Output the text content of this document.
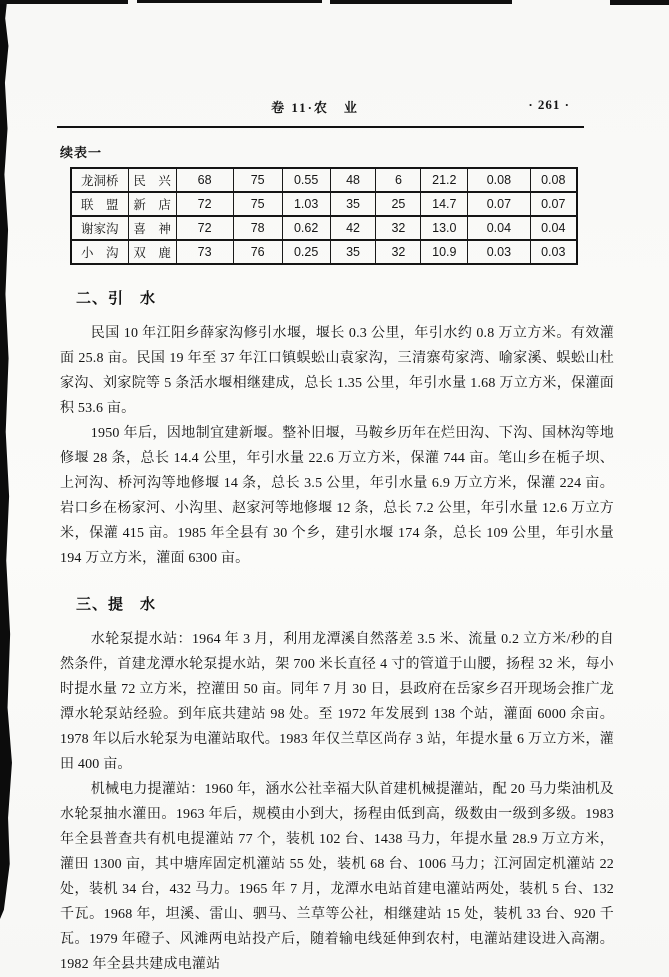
卷 11·农　业	· 261 ·
续表一
龙洞桥	民　兴	68	75	0.55	48	6	21.2	0.08	0.08
联　盟	新　店	72	75	1.03	35	25	14.7	0.07	0.07
谢家沟	喜　神	72	78	0.62	42	32	13.0	0.04	0.04
小　沟	双　鹿	73	76	0.25	35	32	10.9	0.03	0.03
二、引　水

民国 10 年江阳乡薛家沟修引水堰，堰长 0.3 公里，年引水约 0.8 万立方米。有效灌面 25.8 亩。民国 19 年至 37 年江口镇蜈蚣山袁家沟，三清寨苟家湾、喻家溪、蜈蚣山杜家沟、刘家院等 5 条活水堰相继建成，总长 1.35 公里，年引水量 1.68 万立方米，保灌面积 53.6 亩。

1950 年后，因地制宜建新堰。整补旧堰，马鞍乡历年在烂田沟、下沟、国林沟等地修堰 28 条，总长 14.4 公里，年引水量 22.6 万立方米，保灌 744 亩。笔山乡在栀子坝、上河沟、桥河沟等地修堰 14 条，总长 3.5 公里，年引水量 6.9 万立方米，保灌 224 亩。岩口乡在杨家河、小沟里、赵家河等地修堰 12 条，总长 7.2 公里，年引水量 12.6 万立方米，保灌 415 亩。1985 年全县有 30 个乡，建引水堰 174 条，总长 109 公里，年引水量 194 万立方米，灌面 6300 亩。

三、提　水

水轮泵提水站：1964 年 3 月，利用龙潭溪自然落差 3.5 米、流量 0.2 立方米/秒的自然条件，首建龙潭水轮泵提水站，架 700 米长直径 4 寸的管道于山腰，扬程 32 米，每小时提水量 72 立方米，控灌田 50 亩。同年 7 月 30 日，县政府在岳家乡召开现场会推广龙潭水轮泵站经验。到年底共建站 98 处。至 1972 年发展到 138 个站，灌面 6000 余亩。1978 年以后水轮泵为电灌站取代。1983 年仅兰草区尚存 3 站，年提水量 6 万立方米，灌田 400 亩。

机械电力提灌站：1960 年，涵水公社幸福大队首建机械提灌站，配 20 马力柴油机及水轮泵抽水灌田。1963 年后，规模由小到大，扬程由低到高，级数由一级到多级。1983 年全县普查共有机电提灌站 77 个，装机 102 台、1438 马力，年提水量 28.9 万立方米，灌田 1300 亩，其中塘库固定机灌站 55 处，装机 68 台、1006 马力；江河固定机灌站 22 处，装机 34 台，432 马力。1965 年 7 月，龙潭水电站首建电灌站两处，装机 5 台、132 千瓦。1968 年，坦溪、雷山、驷马、兰草等公社，相继建站 15 处，装机 33 台、920 千瓦。1979 年磴子、风滩两电站投产后，随着输电线延伸到农村，电灌站建设进入高潮。1982 年全县共建成电灌站
